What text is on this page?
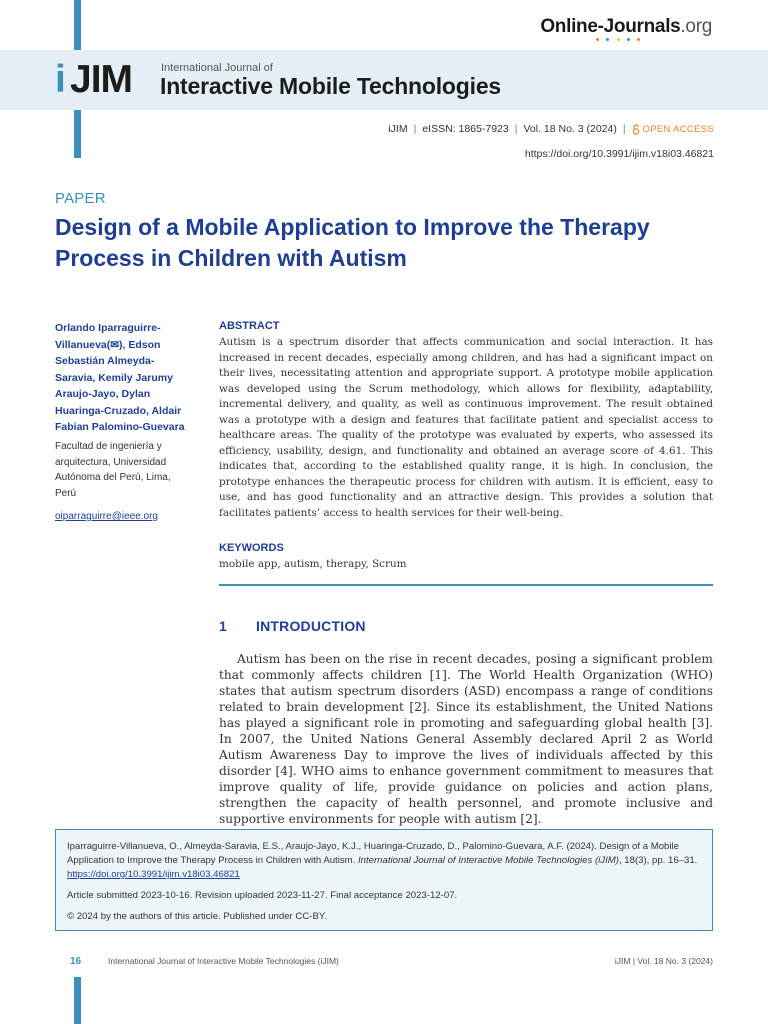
Online-Journals.org
i JIM	International Journal of
Interactive Mobile Technologies
iJIM | eISSN: 1865-7923 | Vol. 18 No. 3 (2024) | OPEN ACCESS
https://doi.org/10.3991/ijim.v18i03.46821
PAPER
Design of a Mobile Application to Improve the Therapy Process in Children with Autism
Orlando Iparraguirre-Villanueva(✉), Edson Sebastián Almeyda-Saravia, Kemily Jarumy Araujo-Jayo, Dylan Huaringa-Cruzado, Aldair Fabian Palomino-Guevara
Facultad de ingeniería y arquitectura, Universidad Autónoma del Perú, Lima, Perú
oiparraguirre@ieee.org
ABSTRACT
Autism is a spectrum disorder that affects communication and social interaction. It has increased in recent decades, especially among children, and has had a significant impact on their lives, necessitating attention and appropriate support. A prototype mobile application was developed using the Scrum methodology, which allows for flexibility, adaptability, incremental delivery, and quality, as well as continuous improvement. The result obtained was a prototype with a design and features that facilitate patient and specialist access to healthcare areas. The quality of the prototype was evaluated by experts, who assessed its efficiency, usability, design, and functionality and obtained an average score of 4.61. This indicates that, according to the established quality range, it is high. In conclusion, the prototype enhances the therapeutic process for children with autism. It is efficient, easy to use, and has good functionality and an attractive design. This provides a solution that facilitates patients’ access to health services for their well-being.
KEYWORDS
mobile app, autism, therapy, Scrum
1 INTRODUCTION
Autism has been on the rise in recent decades, posing a significant problem that commonly affects children [1]. The World Health Organization (WHO) states that autism spectrum disorders (ASD) encompass a range of conditions related to brain development [2]. Since its establishment, the United Nations has played a significant role in promoting and safeguarding global health [3]. In 2007, the United Nations General Assembly declared April 2 as World Autism Awareness Day to improve the lives of individuals affected by this disorder [4]. WHO aims to enhance government commitment to measures that improve quality of life, provide guidance on policies and action plans, strengthen the capacity of health personnel, and promote inclusive and supportive environments for people with autism [2].

Iparraguirre-Villanueva, O., Almeyda-Saravia, E.S., Araujo-Jayo, K.J., Huaringa-Cruzado, D., Palomino-Guevara, A.F. (2024). Design of a Mobile Application to Improve the Therapy Process in Children with Autism. International Journal of Interactive Mobile Technologies (iJIM), 18(3), pp. 16–31. https://doi.org/10.3991/ijim.v18i03.46821

Article submitted 2023-10-16. Revision uploaded 2023-11-27. Final acceptance 2023-12-07.

© 2024 by the authors of this article. Published under CC-BY.

16	International Journal of Interactive Mobile Technologies (iJIM)	iJIM | Vol. 18 No. 3 (2024)
